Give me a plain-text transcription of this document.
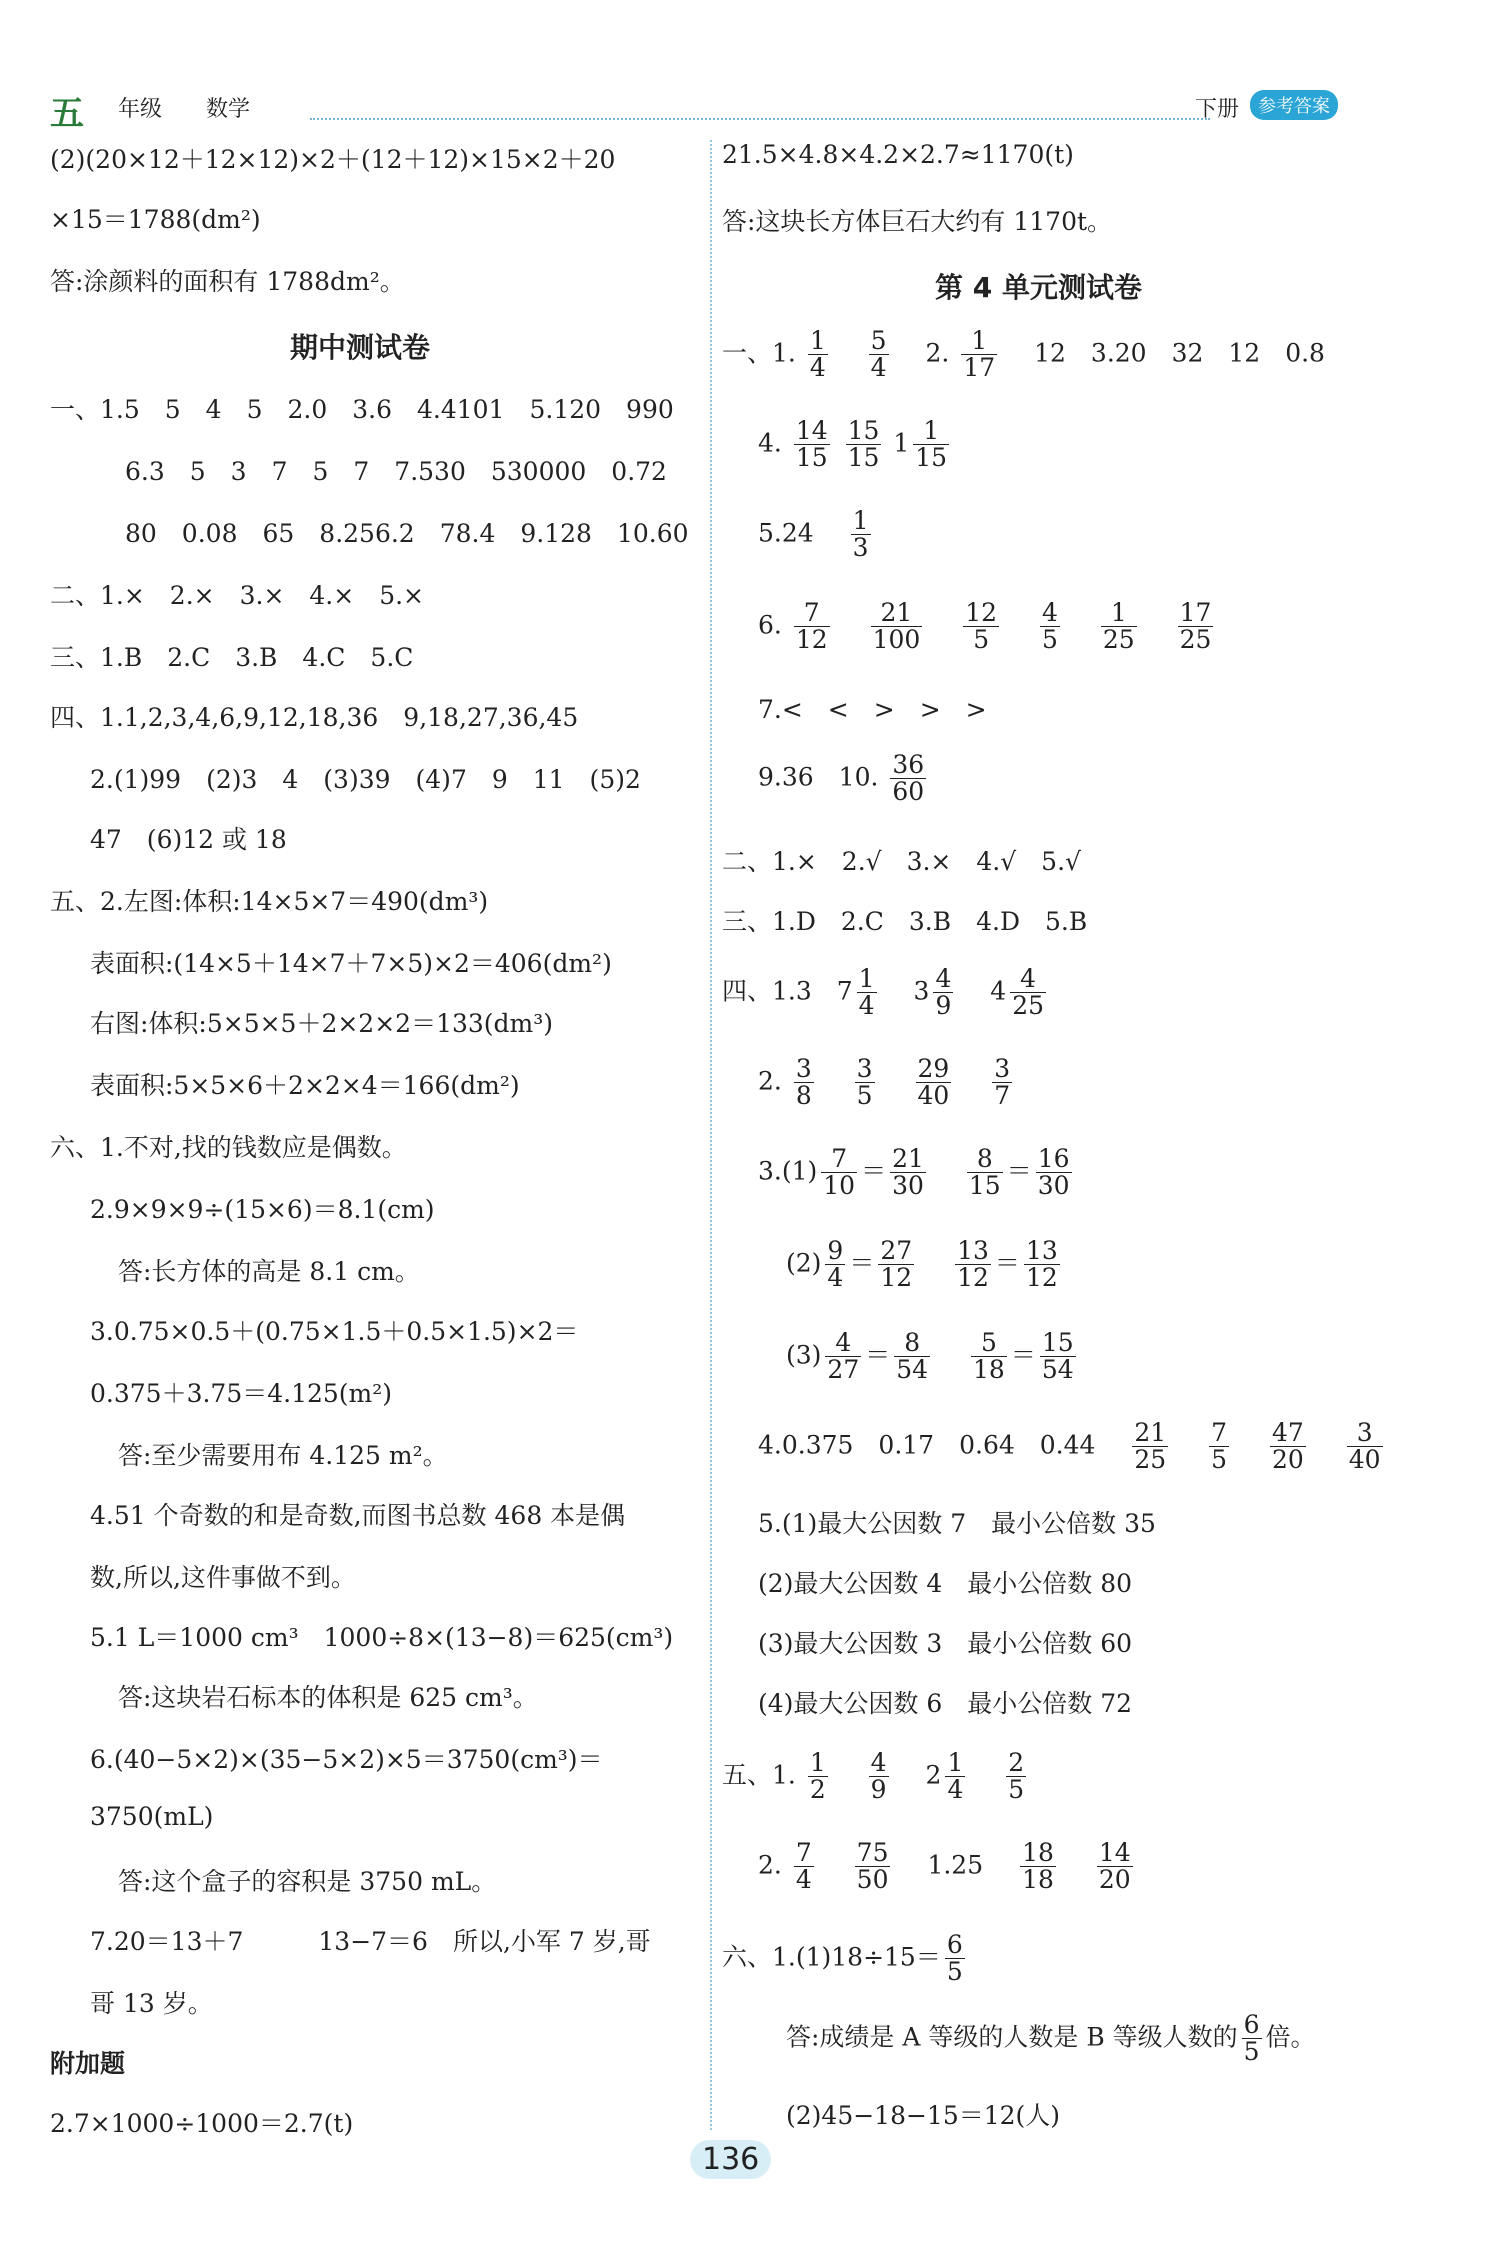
五 年级　　 数学	下册	参考答案
(2)(20×12＋12×12)×2＋(12＋12)×15×2＋20
×15＝1788(dm²)
答:涂颜料的面积有 1788dm²。
期中测试卷
一、1.5　5　4　5　2.0　3.6　4.4101　5.120　990
6.3　5　3　7　5　7　7.530　530000　0.72
80　0.08　65　8.256.2　78.4　9.128　10.60
二、1.×　2.×　3.×　4.×　5.×
三、1.B　2.C　3.B　4.C　5.C
四、1.1,2,3,4,6,9,12,18,36　9,18,27,36,45
2.(1)99　(2)3　4　(3)39　(4)7　9　11　(5)2
47　(6)12 或 18
五、2.左图:体积:14×5×7＝490(dm³)
表面积:(14×5＋14×7＋7×5)×2＝406(dm²)
右图:体积:5×5×5＋2×2×2＝133(dm³)
表面积:5×5×6＋2×2×4＝166(dm²)
六、1.不对,找的钱数应是偶数。
2.9×9×9÷(15×6)＝8.1(cm)
答:长方体的高是 8.1 cm。
3.0.75×0.5＋(0.75×1.5＋0.5×1.5)×2＝
0.375＋3.75＝4.125(m²)
答:至少需要用布 4.125 m²。
4.51 个奇数的和是奇数,而图书总数 468 本是偶
数,所以,这件事做不到。
5.1 L＝1000 cm³　1000÷8×(13−8)＝625(cm³)
答:这块岩石标本的体积是 625 cm³。
6.(40−5×2)×(35−5×2)×5＝3750(cm³)＝
3750(mL)
答:这个盒子的容积是 3750 mL。
7.20＝13＋7　　　13−7＝6　所以,小军 7 岁,哥
哥 13 岁。
附加题
2.7×1000÷1000＝2.7(t)
21.5×4.8×4.2×2.7≈1170(t)
答:这块长方体巨石大约有 1170t。
第 4 单元测试卷
一、1. $\frac{1}{4}$
　 $\frac{5}{4}$
　 2. $\frac{1}{17}$
　 12　3.20　32　12　0.8
4. $\frac{14}{15}$
$\frac{15}{15} 1 \frac{1}{15}$
5.24　 $\frac{1}{3}$
6. $\frac{7}{12}$
　 $\frac{21}{100}$
　 $\frac{12}{5}$
　 $\frac{4}{5}$
　 $\frac{1}{25}$
　 $\frac{17}{25}$
7.<　<　>　>　>
9.36　10. $\frac{36}{60}$
二、1.×　2.√　3.×　4.√　5.√
三、1.D　2.C　3.B　4.D　5.B
四、1.3　$7 \frac{1}{4}$
　 $3 \frac{4}{9}$
　 $4 \frac{4}{25}$
2. $\frac{3}{8}$
　 $\frac{3}{5}$
　 $\frac{29}{40}$
　 $\frac{3}{7}$
$3.(1) \frac{7}{10} = \frac{21}{30}$
　 $\frac{8}{15} = \frac{16}{30}$
$(2) \frac{9}{4} = \frac{27}{12}$
　 $\frac{13}{12} = \frac{13}{12}$
$(3) \frac{4}{27} = \frac{8}{54}$
　 $\frac{5}{18} = \frac{15}{54}$
4.0.375　0.17　0.64　0.44　 $\frac{21}{25}$
　 $\frac{7}{5}$
　 $\frac{47}{20}$
　 $\frac{3}{40}$
5.(1)最大公因数 7　最小公倍数 35
(2)最大公因数 4　最小公倍数 80
(3)最大公因数 3　最小公倍数 60
(4)最大公因数 6　最小公倍数 72
五、1. $\frac{1}{2}$
　 $\frac{4}{9}$
　 $2 \frac{1}{4}$
　 $\frac{2}{5}$
2. $\frac{7}{4}$
　 $\frac{75}{50}$
　 1.25　 $\frac{18}{18}$
　 $\frac{14}{20}$
六、$1.(1)18\div 15= \frac{6}{5}$
答:成绩是 A 等级的人数是 B 等级人数的 $\frac{6}{5}$ 倍。
(2)45−18−15＝12(人)
136
